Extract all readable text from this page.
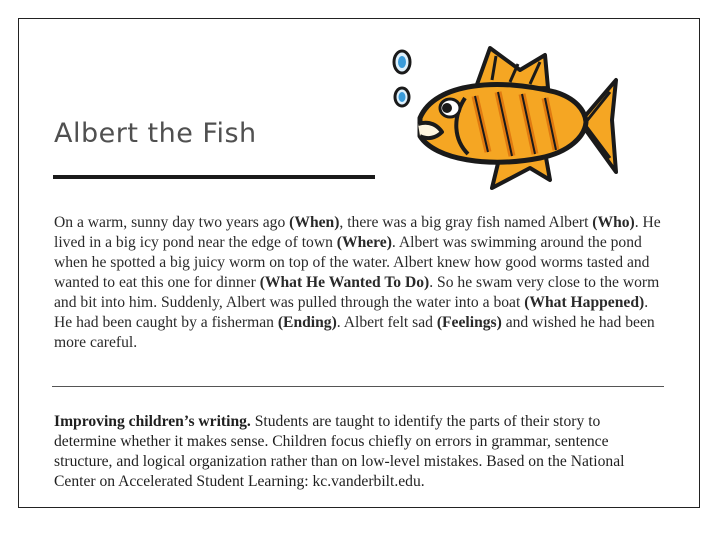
Albert the Fish

On a warm, sunny day two years ago (When), there was a big gray fish named Albert (Who). He lived in a big icy pond near the edge of town (Where). Albert was swimming around the pond when he spotted a big juicy worm on top of the water. Albert knew how good worms tasted and wanted to eat this one for dinner (What He Wanted To Do). So he swam very close to the worm and bit into him. Suddenly, Albert was pulled through the water into a boat (What Happened). He had been caught by a fisherman (Ending). Albert felt sad (Feelings) and wished he had been more careful.

Improving children’s writing. Students are taught to identify the parts of their story to determine whether it makes sense. Children focus chiefly on errors in grammar, sentence structure, and logical organization rather than on low-level mistakes. Based on the National Center on Accelerated Student Learning: kc.vanderbilt.edu.
